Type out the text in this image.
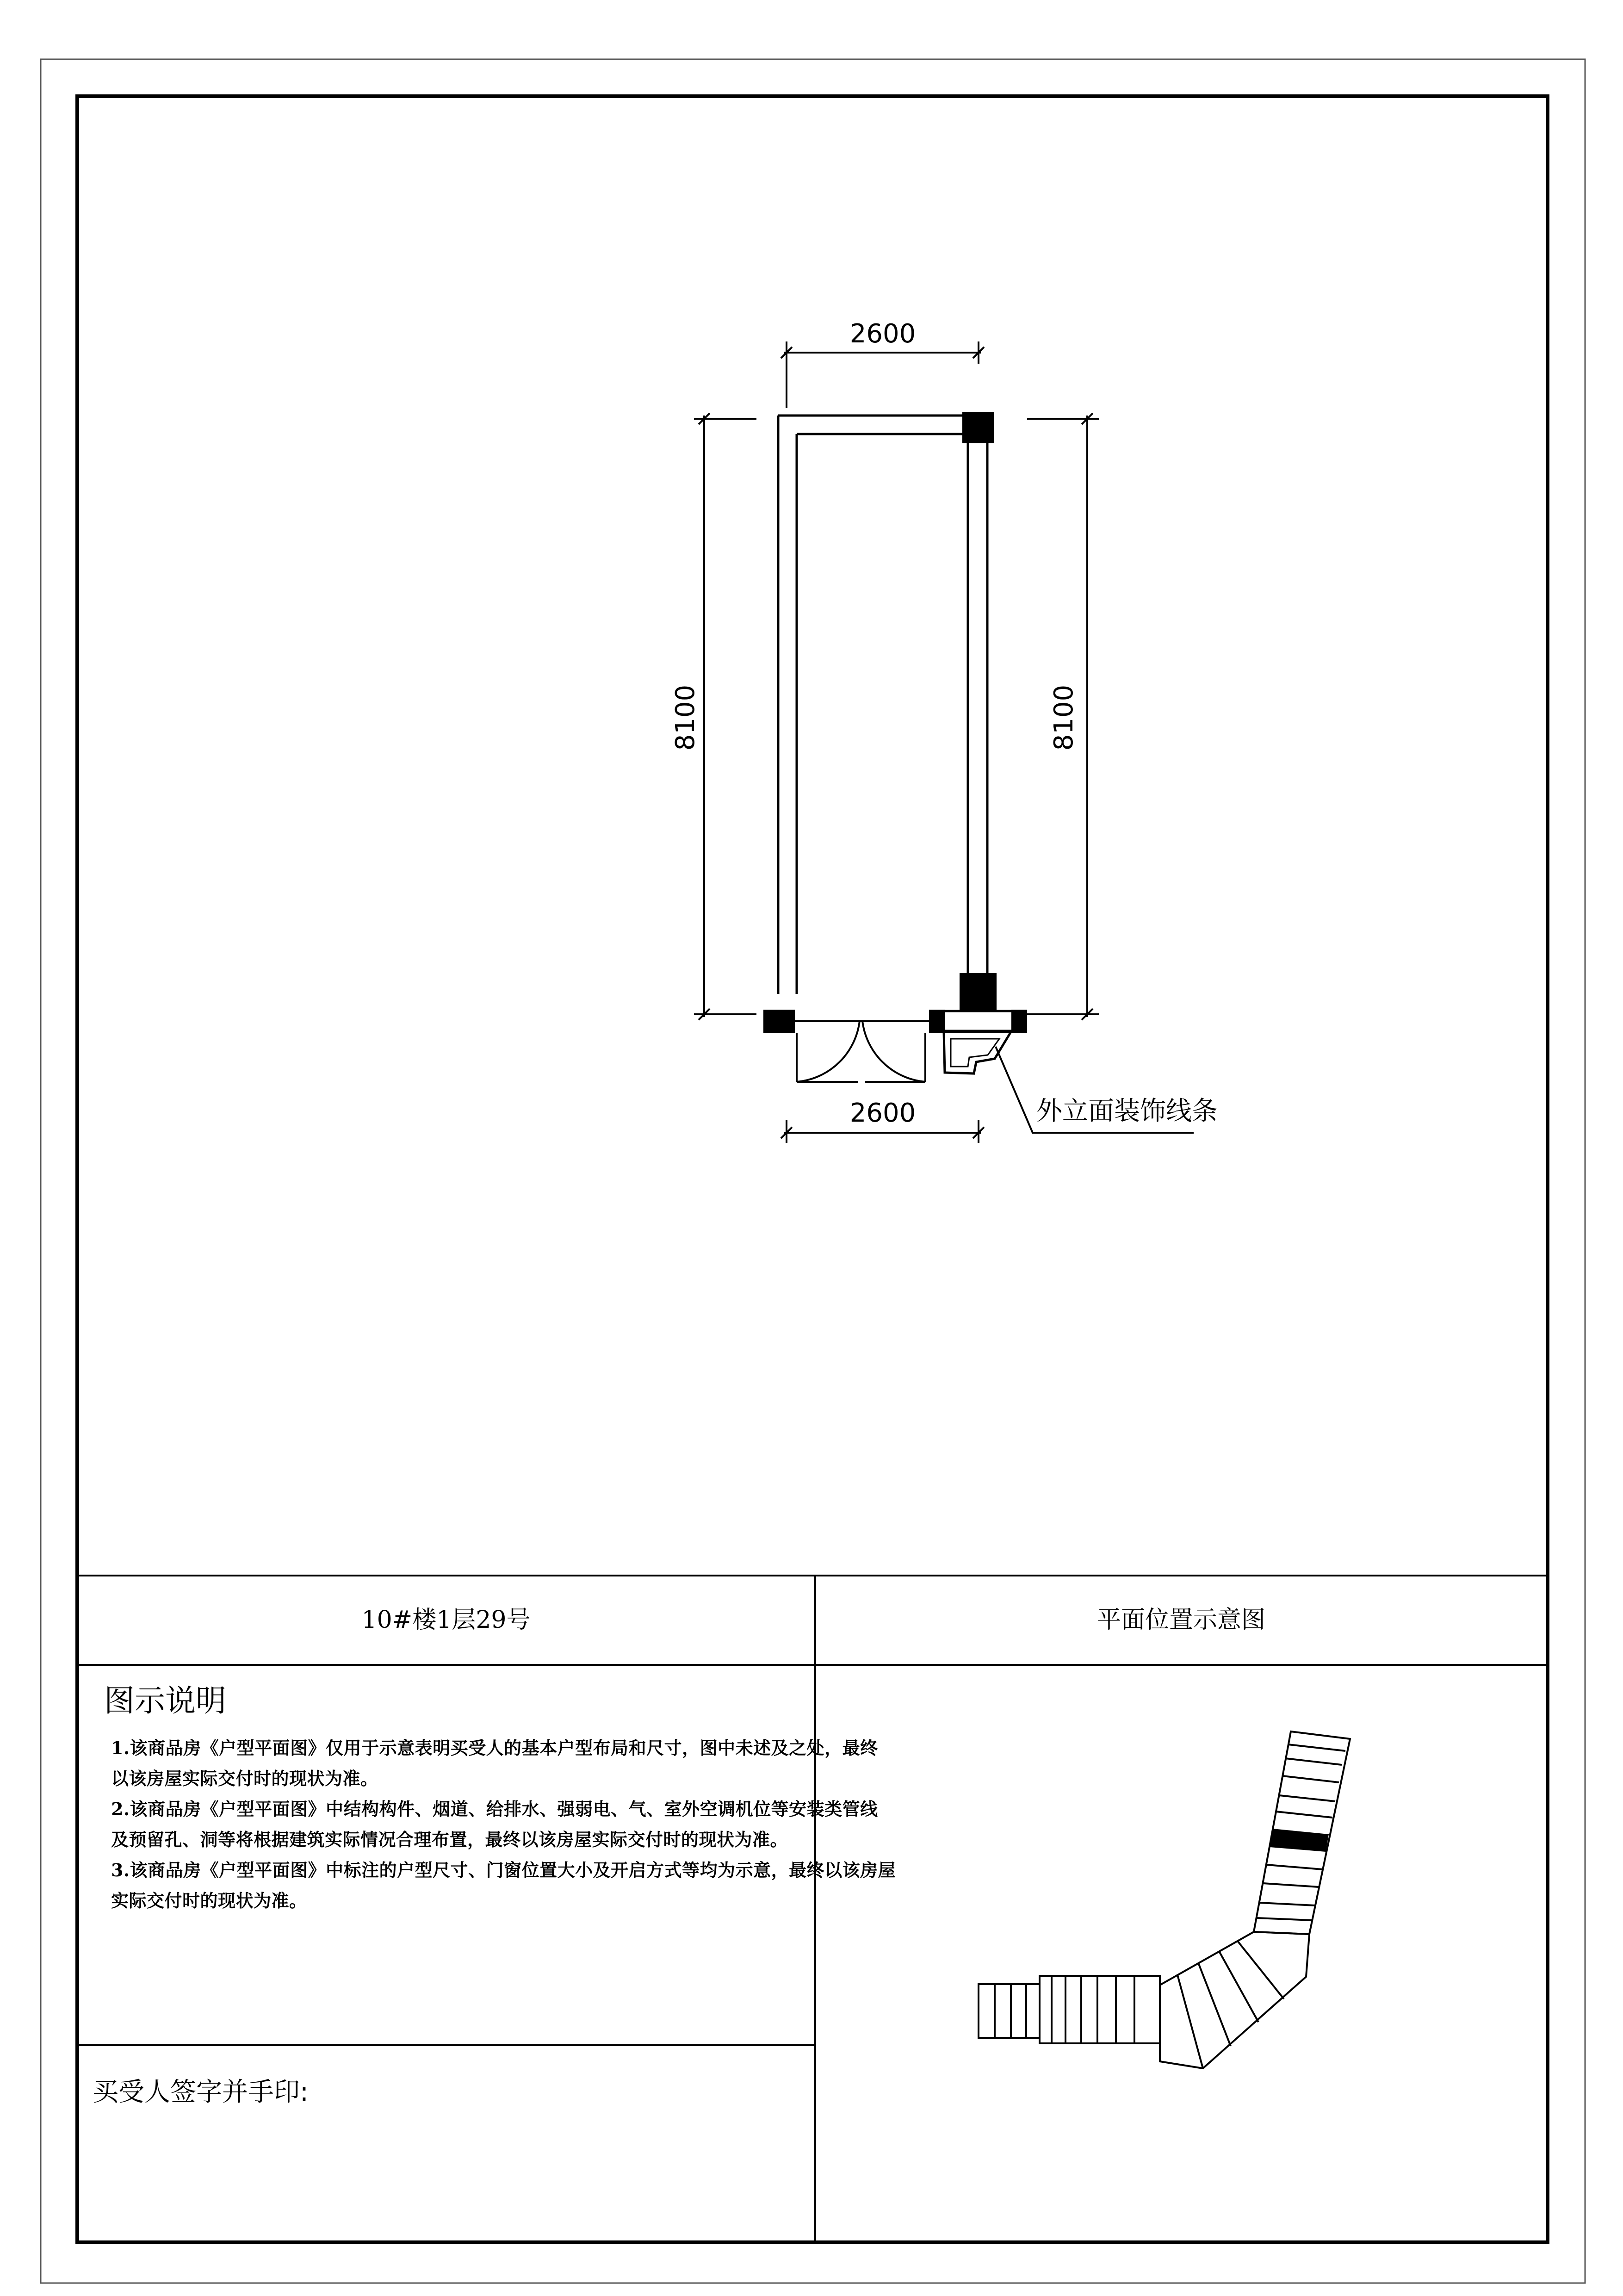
2600
2600
8100	8100
外立面装饰线条
10#楼1层29号	平面位置示意图
图示说明
买受人签字并手印:
1.该商品房《户型平面图》仅用于示意表明买受人的基本户型布局和尺寸，图中未述及之处，最终
以该房屋实际交付时的现状为准。
2.该商品房《户型平面图》中结构构件、烟道、给排水、强弱电、气、室外空调机位等安装类管线
及预留孔、洞等将根据建筑实际情况合理布置，最终以该房屋实际交付时的现状为准。
3.该商品房《户型平面图》中标注的户型尺寸、门窗位置大小及开启方式等均为示意，最终以该房屋
实际交付时的现状为准。
